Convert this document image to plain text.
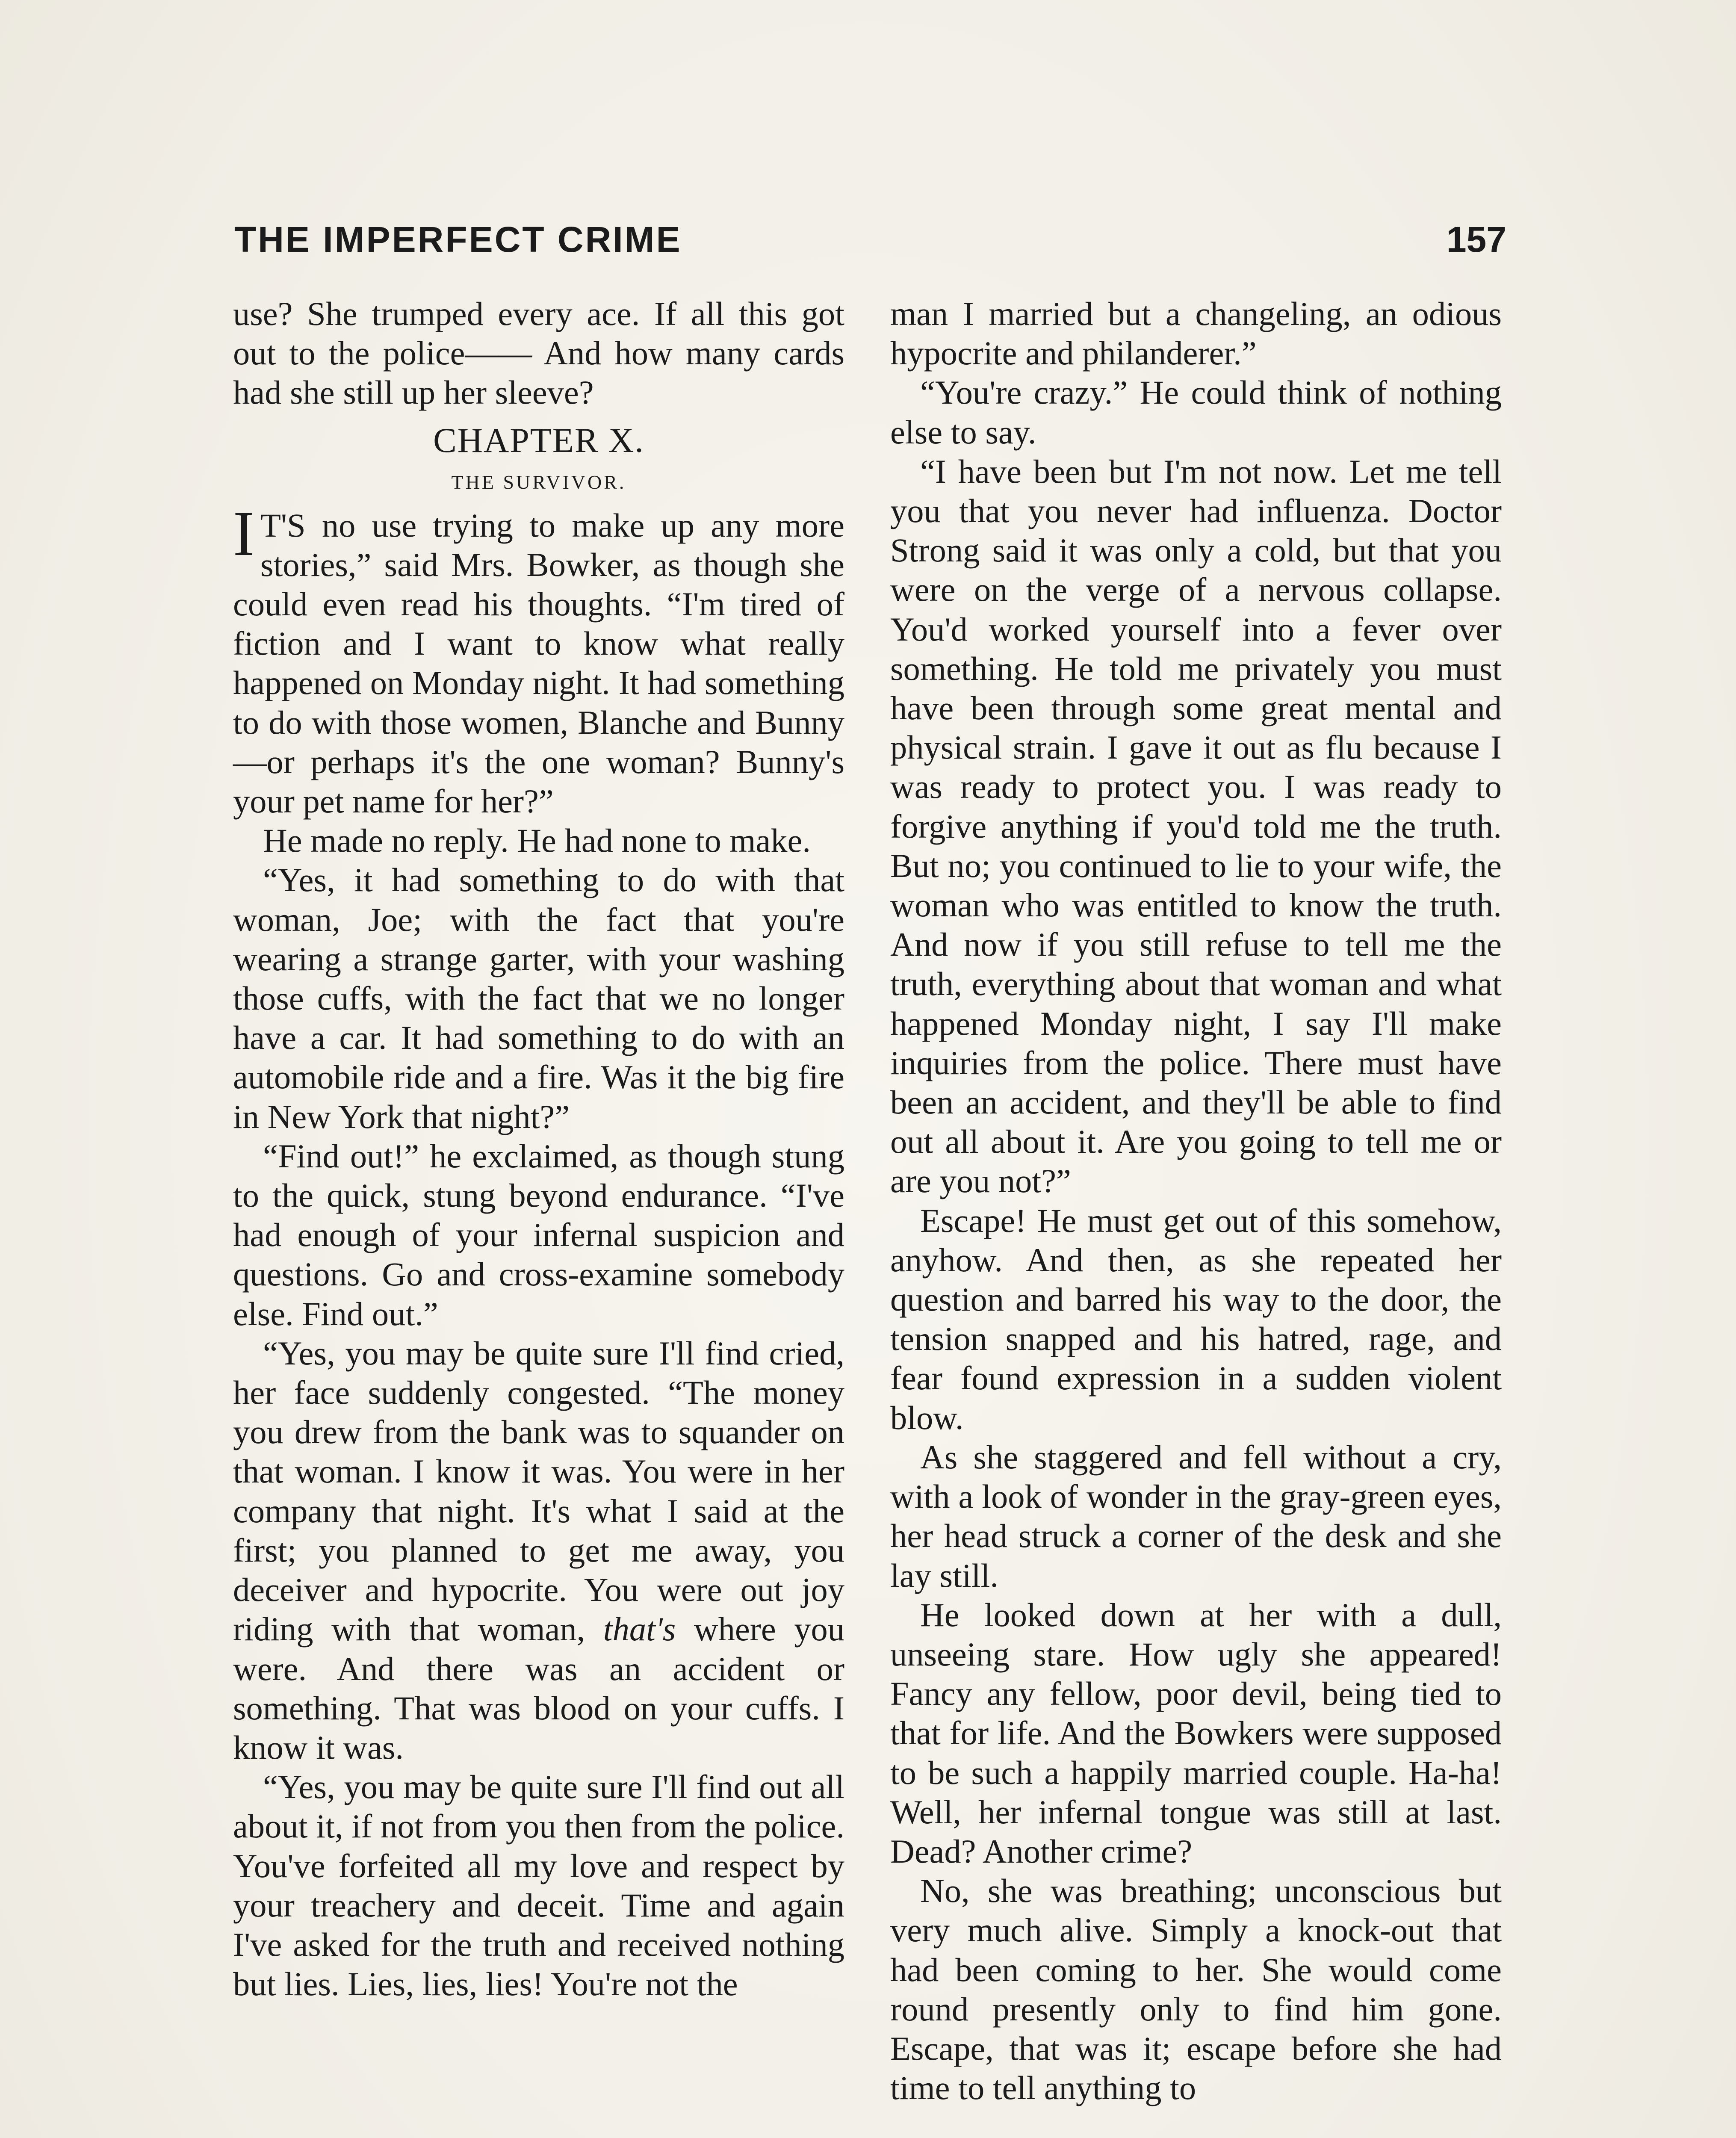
THE IMPERFECT CRIME	157

use? She trumped every ace. If all this got out to the police—— And how many cards had she still up her sleeve?

CHAPTER X.
THE SURVIVOR.

I T'S no use trying to make up any more stories,” said Mrs. Bowker, as though she could even read his thoughts. “I'm tired of fiction and I want to know what really happened on Monday night. It had something to do with those women, Blanche and Bunny—or perhaps it's the one woman? Bunny's your pet name for her?”

He made no reply. He had none to make.

“Yes, it had something to do with that woman, Joe; with the fact that you're wearing a strange garter, with your washing those cuffs, with the fact that we no longer have a car. It had something to do with an automobile ride and a fire. Was it the big fire in New York that night?”

“Find out!” he exclaimed, as though stung to the quick, stung beyond endurance. “I've had enough of your infernal suspicion and questions. Go and cross-examine somebody else. Find out.”

“Yes, you may be quite sure I'll find cried, her face suddenly congested. “The money you drew from the bank was to squander on that woman. I know it was. You were in her company that night. It's what I said at the first; you planned to get me away, you deceiver and hypocrite. You were out joy riding with that woman, that's where you were. And there was an accident or something. That was blood on your cuffs. I know it was.

“Yes, you may be quite sure I'll find out all about it, if not from you then from the police. You've forfeited all my love and respect by your treachery and deceit. Time and again I've asked for the truth and received nothing but lies. Lies, lies, lies! You're not the

man I married but a changeling, an odious hypocrite and philanderer.”

“You're crazy.” He could think of nothing else to say.

“I have been but I'm not now. Let me tell you that you never had influenza. Doctor Strong said it was only a cold, but that you were on the verge of a nervous collapse. You'd worked yourself into a fever over something. He told me privately you must have been through some great mental and physical strain. I gave it out as flu because I was ready to protect you. I was ready to forgive anything if you'd told me the truth. But no; you continued to lie to your wife, the woman who was entitled to know the truth. And now if you still refuse to tell me the truth, everything about that woman and what happened Monday night, I say I'll make inquiries from the police. There must have been an accident, and they'll be able to find out all about it. Are you going to tell me or are you not?”

Escape! He must get out of this somehow, anyhow. And then, as she repeated her question and barred his way to the door, the tension snapped and his hatred, rage, and fear found expression in a sudden violent blow.

As she staggered and fell without a cry, with a look of wonder in the gray-green eyes, her head struck a corner of the desk and she lay still.

He looked down at her with a dull, unseeing stare. How ugly she appeared! Fancy any fellow, poor devil, being tied to that for life. And the Bowkers were supposed to be such a happily married couple. Ha-ha! Well, her infernal tongue was still at last. Dead? Another crime?

No, she was breathing; unconscious but very much alive. Simply a knock-out that had been coming to her. She would come round presently only to find him gone. Escape, that was it; escape before she had time to tell anything to
